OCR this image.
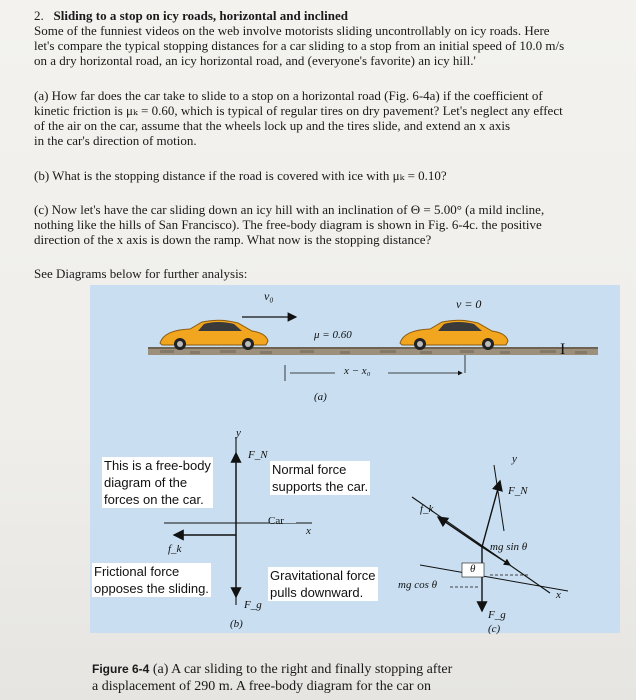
2. Sliding to a stop on icy roads, horizontal and inclined
Some of the funniest videos on the web involve motorists sliding uncontrollably on icy roads. Here
let's compare the typical stopping distances for a car sliding to a stop from an initial speed of 10.0 m/s
on a dry horizontal road, an icy horizontal road, and (everyone's favorite) an icy hill.'
(a) How far does the car take to slide to a stop on a horizontal road (Fig. 6-4a) if the coefficient of
kinetic friction is μₖ = 0.60, which is typical of regular tires on dry pavement? Let's neglect any effect
of the air on the car, assume that the wheels lock up and the tires slide, and extend an x axis
in the car's direction of motion.
(b) What is the stopping distance if the road is covered with ice with μₖ = 0.10?
(c) Now let's have the car sliding down an icy hill with an inclination of Θ = 5.00° (a mild incline,
nothing like the hills of San Francisco). The free-body diagram is shown in Fig. 6-4c. the positive
direction of the x axis is down the ramp. What now is the stopping distance?
See Diagrams below for further analysis:
v₀
v = 0
μ = 0.60
x − x₀
(a)
I
y
F_N
Car
x
f_k
F_g
y
F_N
f_k
mg sin θ
mg cos θ
θ
x
F_g
(b)	(c)
This is a free-body
diagram of the
forces on the car.
Normal force
supports the car.
Frictional force
opposes the sliding.
Gravitational force
pulls downward.
Figure 6-4 (a) A car sliding to the right and finally stopping after
a displacement of 290 m. A free-body diagram for the car on
